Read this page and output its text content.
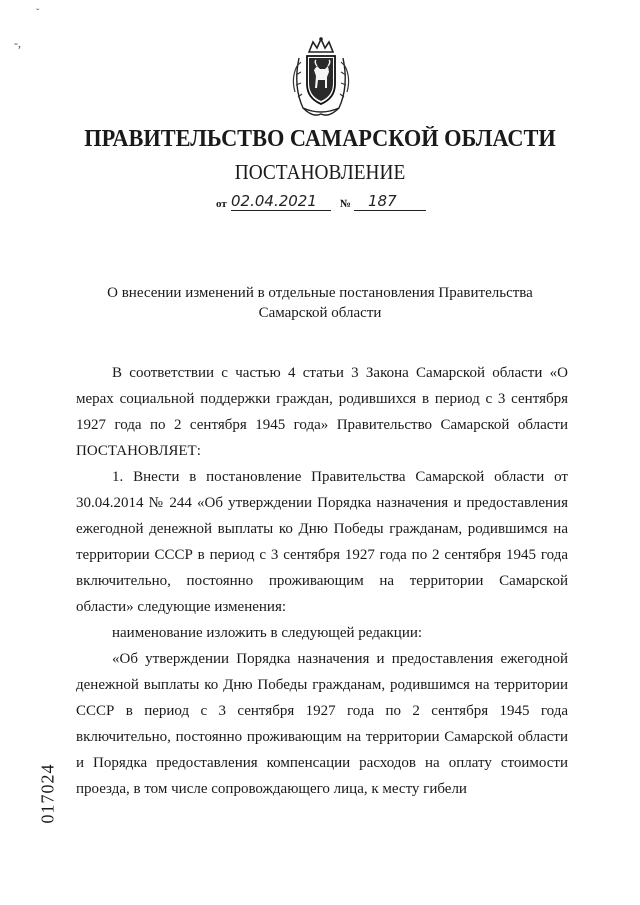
ˇ
-,
ПРАВИТЕЛЬСТВО САМАРСКОЙ ОБЛАСТИ
ПОСТАНОВЛЕНИЕ
от 02.04.2021 № 187
О внесении изменений в отдельные постановления Правительства
Самарской области

В соответствии с частью 4 статьи 3 Закона Самарской области «О мерах социальной поддержки граждан, родившихся в период с 3 сентября 1927 года по 2 сентября 1945 года» Правительство Самарской области ПОСТАНОВЛЯЕТ:

1. Внести в постановление Правительства Самарской области от 30.04.2014 № 244 «Об утверждении Порядка назначения и предоставления ежегодной денежной выплаты ко Дню Победы гражданам, родившимся на территории СССР в период с 3 сентября 1927 года по 2 сентября 1945 года включительно, постоянно проживающим на территории Самарской области» следующие изменения:

наименование изложить в следующей редакции:

«Об утверждении Порядка назначения и предоставления ежегодной денежной выплаты ко Дню Победы гражданам, родившимся на территории СССР в период с 3 сентября 1927 года по 2 сентября 1945 года включительно, постоянно проживающим на территории Самарской области и Порядка предоставления компенсации расходов на оплату стоимости проезда, в том числе сопровождающего лица, к месту гибели

017024
